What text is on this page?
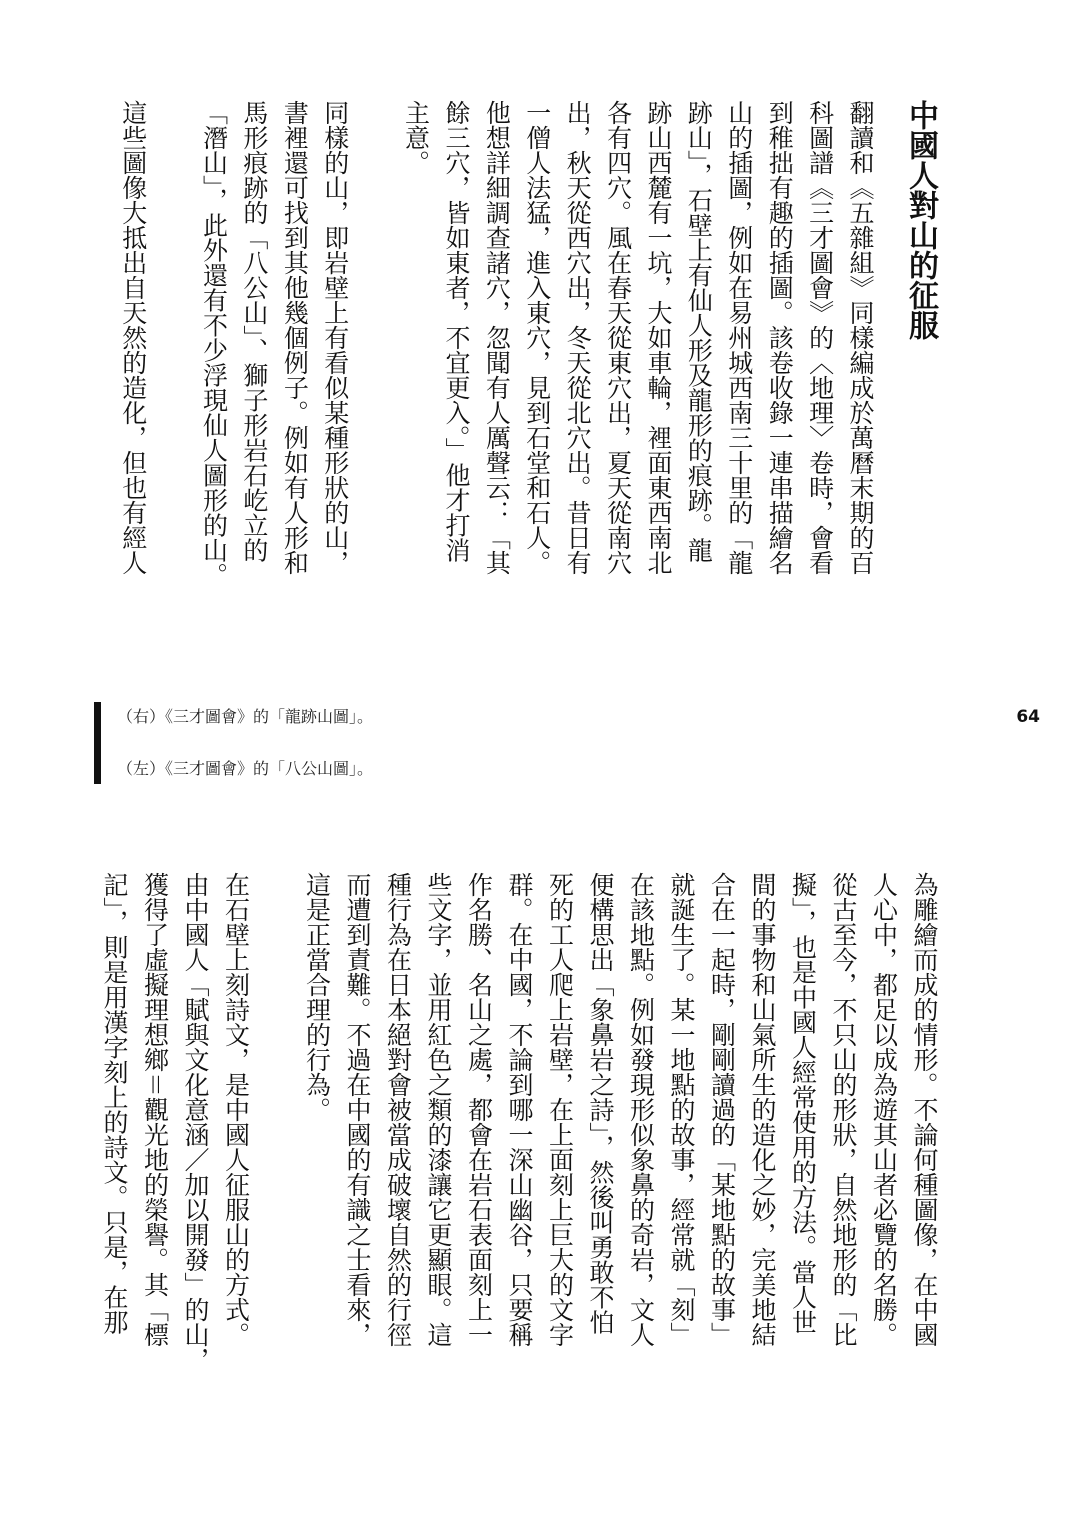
中國人對山的征服
翻讀和《五雜組》同樣編成於萬曆末期的百
科圖譜《三才圖會》的〈地理〉卷時，會看
到稚拙有趣的插圖。該卷收錄一連串描繪名
山的插圖，例如在易州城西南三十里的「龍
跡山」，石壁上有仙人形及龍形的痕跡。龍
跡山西麓有一坑，大如車輪，裡面東西南北
各有四穴。風在春天從東穴出，夏天從南穴
出，秋天從西穴出，冬天從北穴出。昔日有
一僧人法猛，進入東穴，見到石堂和石人。
他想詳細調查諸穴，忽聞有人厲聲云：「其
餘三穴，皆如東者，不宜更入。」他才打消
主意。

同樣的山，即岩壁上有看似某種形狀的山，
書裡還可找到其他幾個例子。例如有人形和
馬形痕跡的「八公山」、獅子形岩石屹立的
「潛山」，此外還有不少浮現仙人圖形的山。

這些圖像大抵出自天然的造化，但也有經人
（右）《三才圖會》的「龍跡山圖」。
（左）《三才圖會》的「八公山圖」。
64
為雕繪而成的情形。不論何種圖像，在中國
人心中，都足以成為遊其山者必覽的名勝。
從古至今，不只山的形狀，自然地形的「比
擬」，也是中國人經常使用的方法。當人世
間的事物和山氣所生的造化之妙，完美地結
合在一起時，剛剛讀過的「某地點的故事」
就誕生了。某一地點的故事，經常就「刻」
在該地點。例如發現形似象鼻的奇岩，文人
便構思出「象鼻岩之詩」，然後叫勇敢不怕
死的工人爬上岩壁，在上面刻上巨大的文字
群。在中國，不論到哪一深山幽谷，只要稱
作名勝、名山之處，都會在岩石表面刻上一
些文字，並用紅色之類的漆讓它更顯眼。這
種行為在日本絕對會被當成破壞自然的行徑
而遭到責難。不過在中國的有識之士看來，
這是正當合理的行為。

在石壁上刻詩文，是中國人征服山的方式。
由中國人「賦與文化意涵／加以開發」的山，
獲得了虛擬理想鄉＝觀光地的榮譽。其「標
記」，則是用漢字刻上的詩文。只是，在那
